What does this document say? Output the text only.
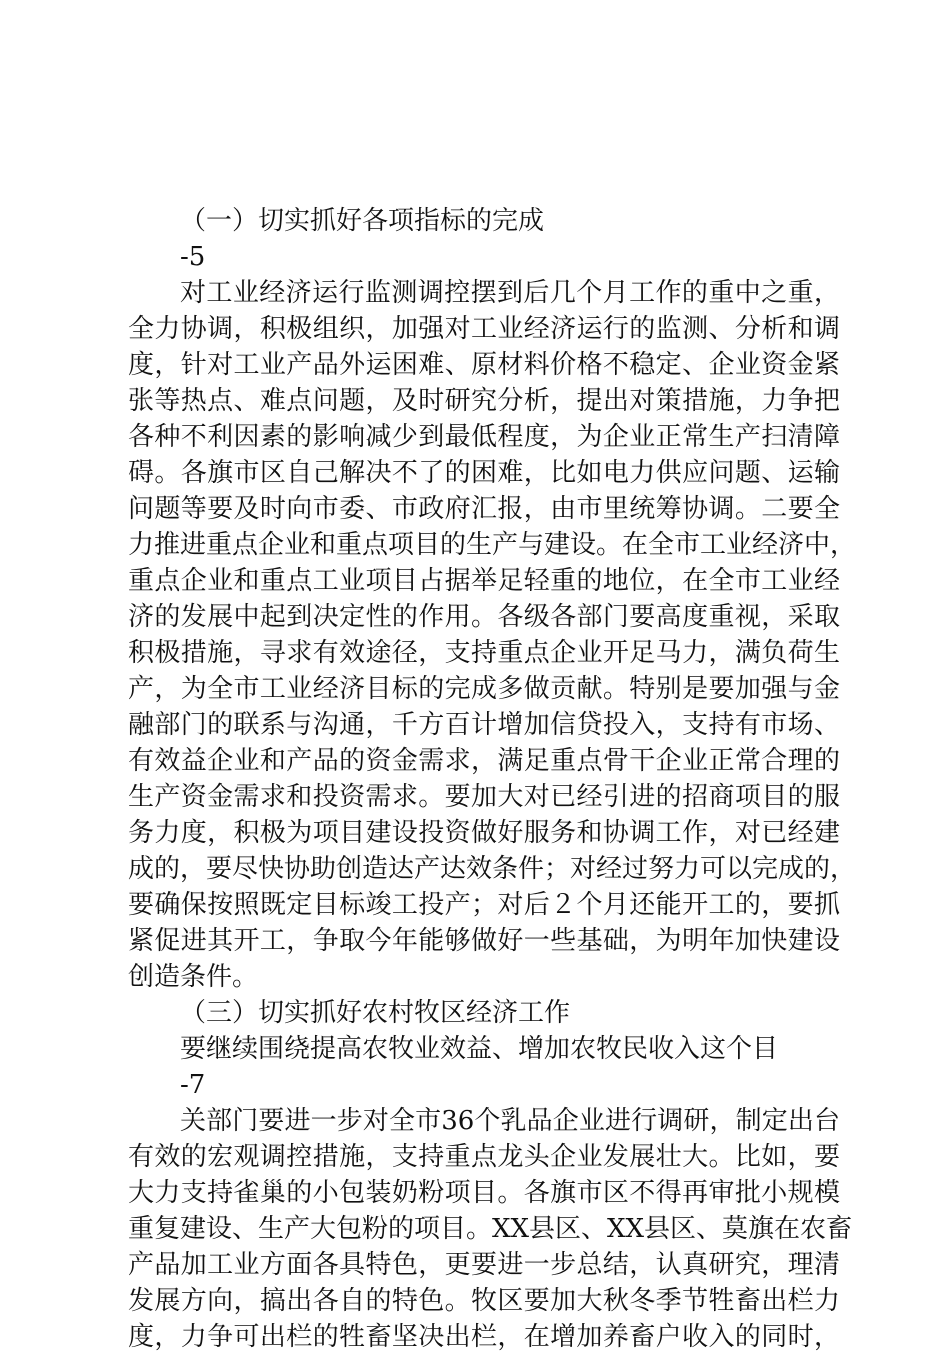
（一）切实抓好各项指标的完成
-5
对工业经济运行监测调控摆到后几个月工作的重中之重，
全力协调，积极组织，加强对工业经济运行的监测、分析和调
度，针对工业产品外运困难、原材料价格不稳定、企业资金紧
张等热点、难点问题，及时研究分析，提出对策措施，力争把
各种不利因素的影响减少到最低程度，为企业正常生产扫清障
碍。各旗市区自己解决不了的困难，比如电力供应问题、运输
问题等要及时向市委、市政府汇报，由市里统筹协调。二要全
力推进重点企业和重点项目的生产与建设。在全市工业经济中，
重点企业和重点工业项目占据举足轻重的地位，在全市工业经
济的发展中起到决定性的作用。各级各部门要高度重视，采取
积极措施，寻求有效途径，支持重点企业开足马力，满负荷生
产，为全市工业经济目标的完成多做贡献。特别是要加强与金
融部门的联系与沟通，千方百计增加信贷投入，支持有市场、
有效益企业和产品的资金需求，满足重点骨干企业正常合理的
生产资金需求和投资需求。要加大对已经引进的招商项目的服
务力度，积极为项目建设投资做好服务和协调工作，对已经建
成的，要尽快协助创造达产达效条件；对经过努力可以完成的，
要确保按照既定目标竣工投产；对后２个月还能开工的，要抓
紧促进其开工，争取今年能够做好一些基础，为明年加快建设
创造条件。
（三）切实抓好农村牧区经济工作
要继续围绕提高农牧业效益、增加农牧民收入这个目
-7
关部门要进一步对全市36个乳品企业进行调研，制定出台
有效的宏观调控措施，支持重点龙头企业发展壮大。比如，要
大力支持雀巢的小包装奶粉项目。各旗市区不得再审批小规模
重复建设、生产大包粉的项目。XX县区、XX县区、莫旗在农畜
产品加工业方面各具特色，更要进一步总结，认真研究，理清
发展方向，搞出各自的特色。牧区要加大秋冬季节牲畜出栏力
度，力争可出栏的牲畜坚决出栏，在增加养畜户收入的同时，
